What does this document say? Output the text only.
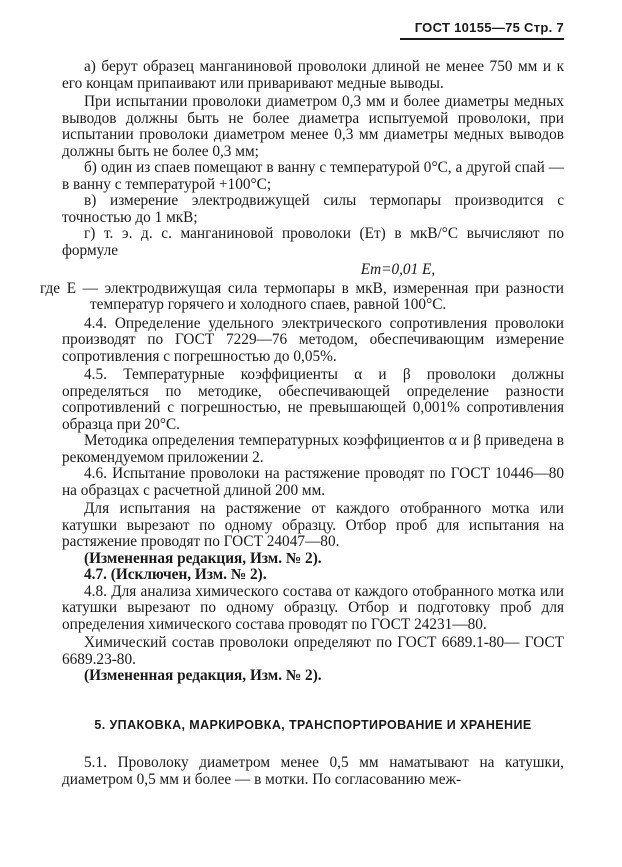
ГОСТ 10155—75 Стр. 7

а) берут образец манганиновой проволоки длиной не менее 750 мм и к его концам припаивают или приваривают медные выводы.

При испытании проволоки диаметром 0,3 мм и более диаметры медных выводов должны быть не более диаметра испытуемой проволоки, при испытании проволоки диаметром менее 0,3 мм диаметры медных выводов должны быть не более 0,3 мм;

б) один из спаев помещают в ванну с температурой 0°С, а другой спай — в ванну с температурой +100°С;

в) измерение электродвижущей силы термопары производится с точностью до 1 мкВ;

г) т. э. д. с. манганиновой проволоки (Eт) в мкВ/°С вычисляют по формуле

Eт=0,01 E,

где E — электродвижущая сила термопары в мкВ, измеренная при разности температур горячего и холодного спаев, равной 100°С.

4.4. Определение удельного электрического сопротивления проволоки производят по ГОСТ 7229—76 методом, обеспечивающим измерение сопротивления с погрешностью до 0,05%.

4.5. Температурные коэффициенты α и β проволоки должны определяться по методике, обеспечивающей определение разности сопротивлений с погрешностью, не превышающей 0,001% сопротивления образца при 20°С.

Методика определения температурных коэффициентов α и β приведена в рекомендуемом приложении 2.

4.6. Испытание проволоки на растяжение проводят по ГОСТ 10446—80 на образцах с расчетной длиной 200 мм.

Для испытания на растяжение от каждого отобранного мотка или катушки вырезают по одному образцу. Отбор проб для испытания на растяжение проводят по ГОСТ 24047—80.

(Измененная редакция, Изм. № 2).

4.7. (Исключен, Изм. № 2).

4.8. Для анализа химического состава от каждого отобранного мотка или катушки вырезают по одному образцу. Отбор и подготовку проб для определения химического состава проводят по ГОСТ 24231—80.

Химический состав проволоки определяют по ГОСТ 6689.1-80— ГОСТ 6689.23-80.

(Измененная редакция, Изм. № 2).

5. УПАКОВКА, МАРКИРОВКА, ТРАНСПОРТИРОВАНИЕ И ХРАНЕНИЕ

5.1. Проволоку диаметром менее 0,5 мм наматывают на катушки, диаметром 0,5 мм и более — в мотки. По согласованию меж-
